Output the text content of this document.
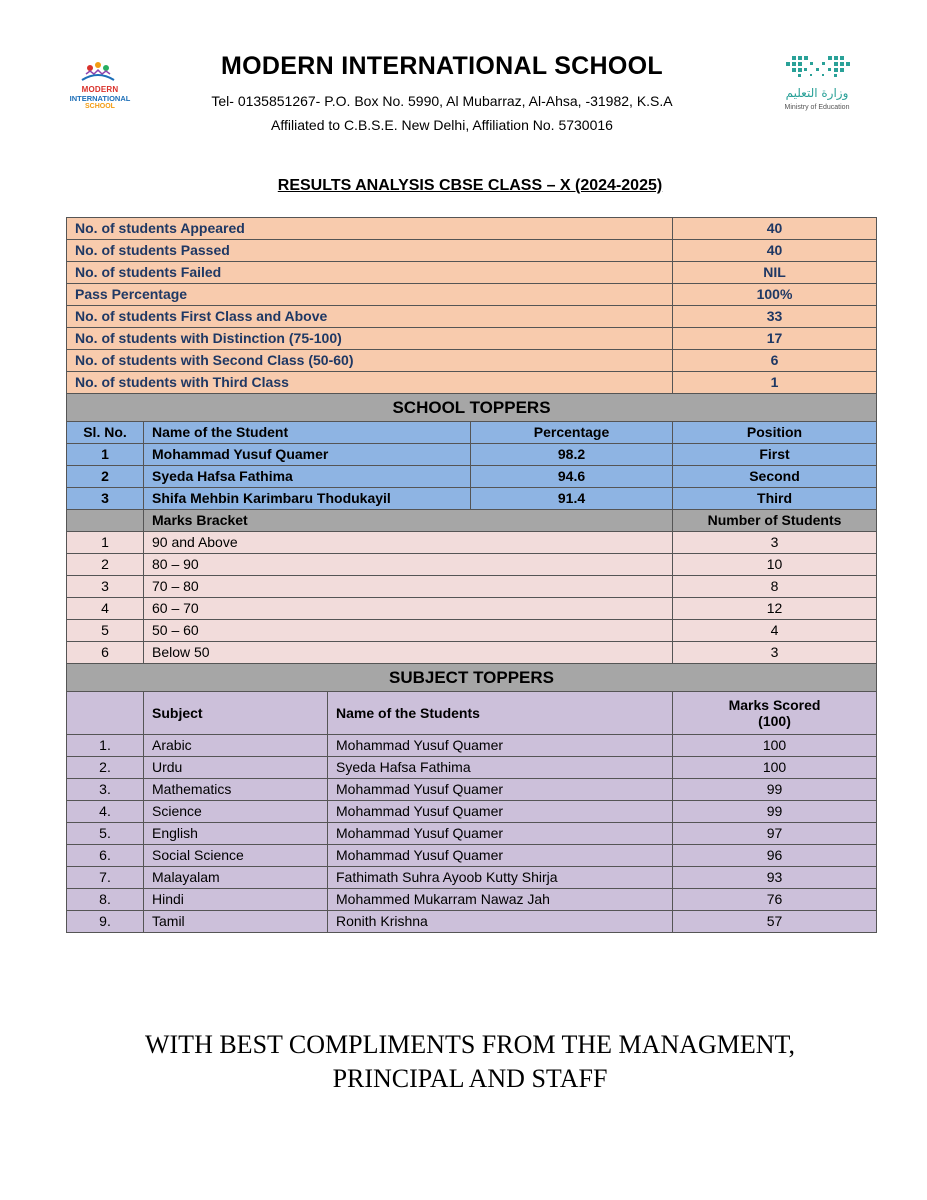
MODERN
INTERNATIONAL
SCHOOL
MODERN INTERNATIONAL SCHOOL
Tel- 0135851267- P.O. Box No. 5990, Al Mubarraz, Al-Ahsa, -31982, K.S.A
Affiliated to C.B.S.E. New Delhi, Affiliation No. 5730016
وزارة التعليم
Ministry of Education
RESULTS ANALYSIS CBSE CLASS – X (2024-2025)
No. of students Appeared				40
No. of students Passed				40
No. of students Failed				NIL
Pass Percentage				100%
No. of students First Class and Above				33
No. of students with Distinction (75-100)				17
No. of students with Second Class (50-60)				6
No. of students with Third Class				1
SCHOOL TOPPERS				
Sl. No.	Name of the Student		Percentage	Position
1	Mohammad Yusuf Quamer		98.2	First
2	Syeda Hafsa Fathima		94.6	Second
3	Shifa Mehbin Karimbaru Thodukayil		91.4	Third
	Marks Bracket			Number of Students
1	90 and Above			3
2	80 – 90			10
3	70 – 80			8
4	60 – 70			12
5	50 – 60			4
6	Below 50			3
SUBJECT TOPPERS				
	Subject	Name of the Students		Marks Scored
(100)

1.	Arabic	Mohammad Yusuf Quamer		100
2.	Urdu	Syeda Hafsa Fathima		100
3.	Mathematics	Mohammad Yusuf Quamer		99
4.	Science	Mohammad Yusuf Quamer		99
5.	English	Mohammad Yusuf Quamer		97
6.	Social Science	Mohammad Yusuf Quamer		96
7.	Malayalam	Fathimath Suhra Ayoob Kutty Shirja		93
8.	Hindi	Mohammed Mukarram Nawaz Jah		76
9.	Tamil	Ronith Krishna		57
WITH BEST COMPLIMENTS FROM THE MANAGMENT,
PRINCIPAL AND STAFF
